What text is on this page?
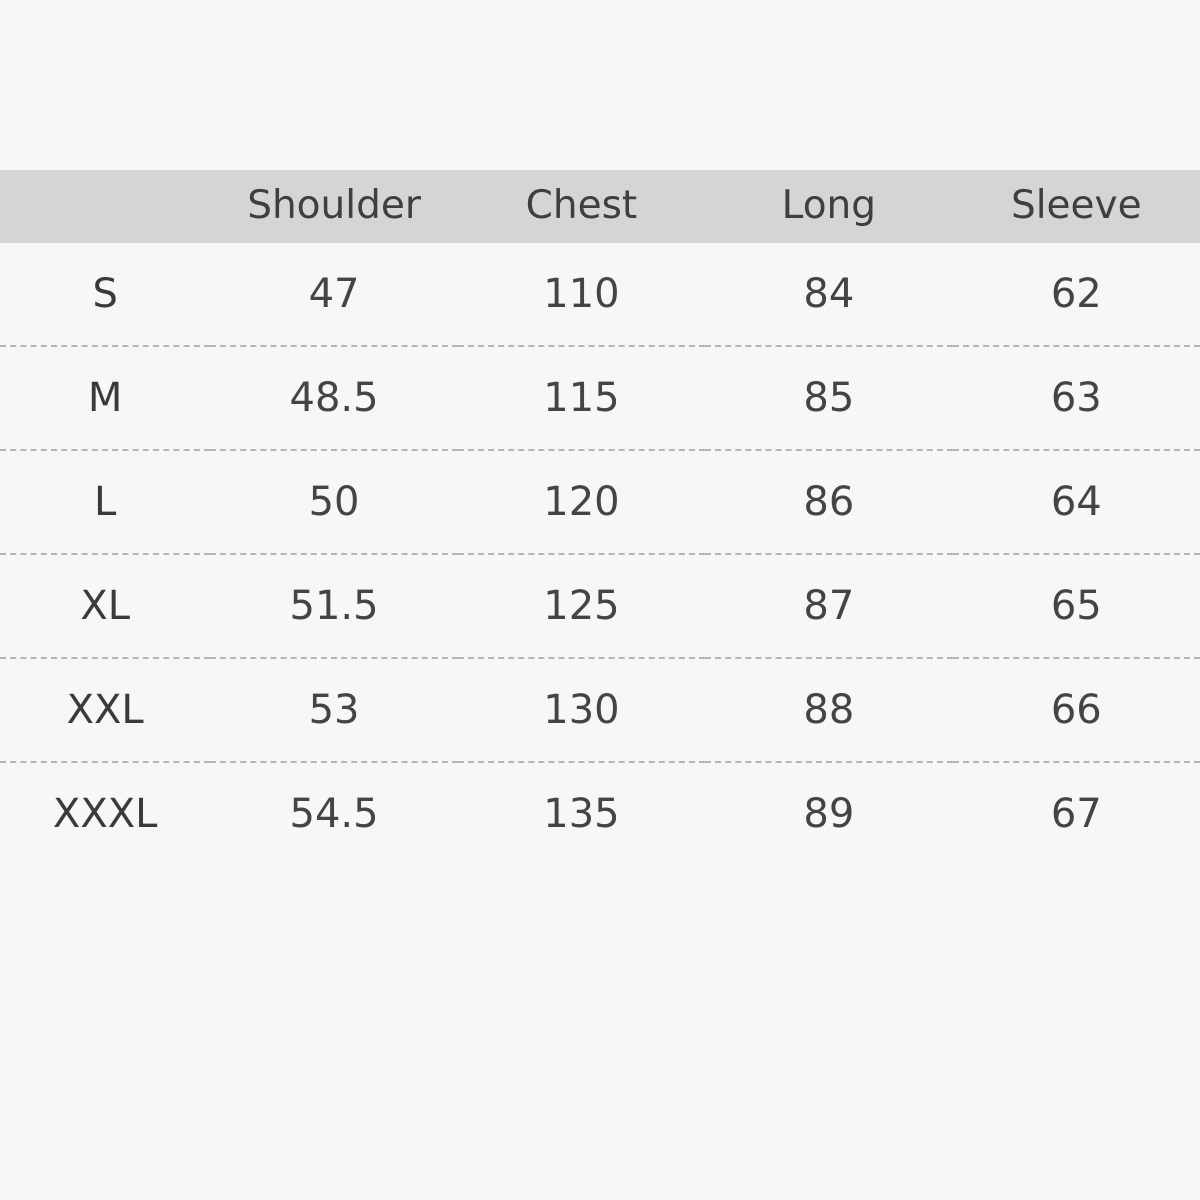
	Shoulder	Chest	Long	Sleeve
S	47	110	84	62
M	48.5	115	85	63
L	50	120	86	64
XL	51.5	125	87	65
XXL	53	130	88	66
XXXL	54.5	135	89	67
